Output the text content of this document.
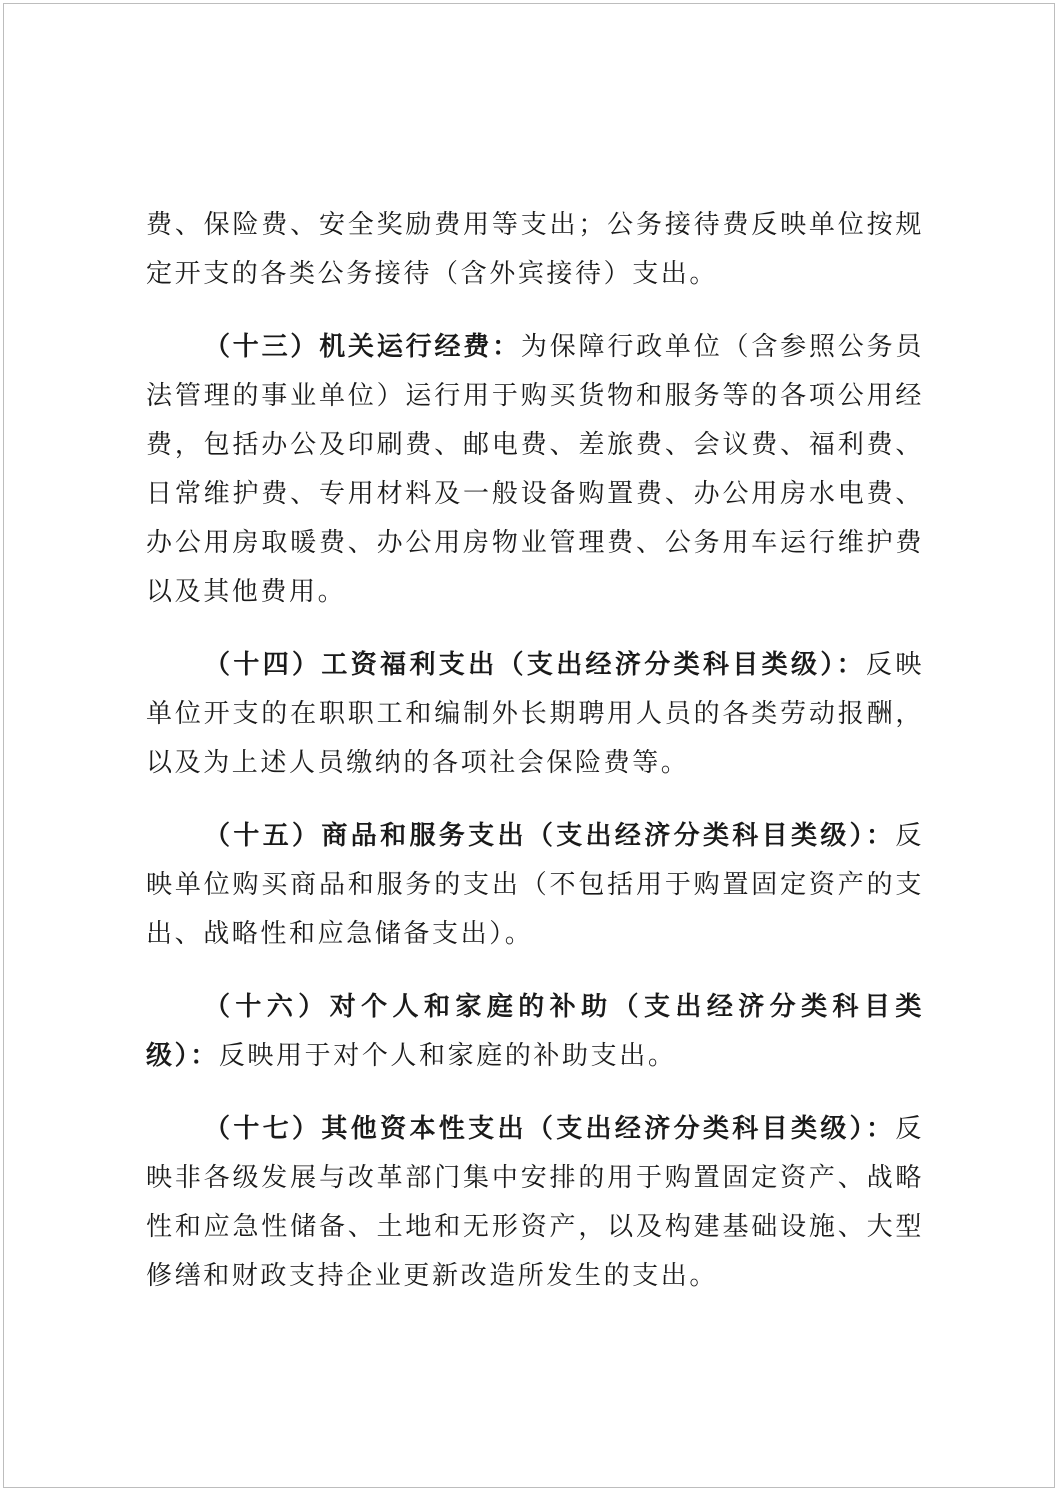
费、保险费、安全奖励费用等支出；公务接待费反映单位按规定开支的各类公务接待（含外宾接待）支出。

（十三）机关运行经费：为保障行政单位（含参照公务员法管理的事业单位）运行用于购买货物和服务等的各项公用经费，包括办公及印刷费、邮电费、差旅费、会议费、福利费、日常维护费、专用材料及一般设备购置费、办公用房水电费、办公用房取暖费、办公用房物业管理费、公务用车运行维护费以及其他费用。

（十四）工资福利支出（支出经济分类科目类级）：反映单位开支的在职职工和编制外长期聘用人员的各类劳动报酬，以及为上述人员缴纳的各项社会保险费等。

（十五）商品和服务支出（支出经济分类科目类级）：反映单位购买商品和服务的支出（不包括用于购置固定资产的支出、战略性和应急储备支出）。

（十六）对个人和家庭的补助（支出经济分类科目类级）：反映用于对个人和家庭的补助支出。

（十七）其他资本性支出（支出经济分类科目类级）：反映非各级发展与改革部门集中安排的用于购置固定资产、战略性和应急性储备、土地和无形资产，以及构建基础设施、大型修缮和财政支持企业更新改造所发生的支出。
